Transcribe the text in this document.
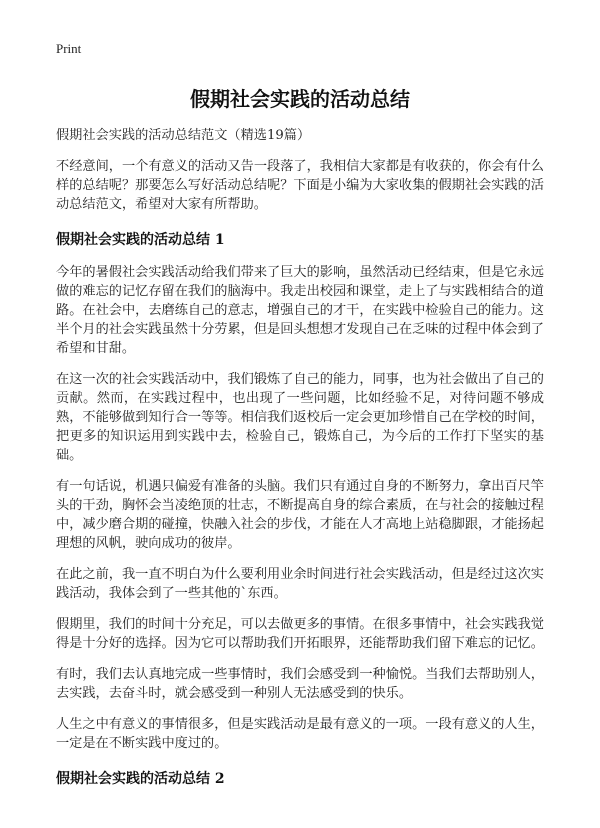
Print
假期社会实践的活动总结
假期社会实践的活动总结范文（精选19篇）
不经意间，一个有意义的活动又告一段落了，我相信大家都是有收获的，你会有什么样的总结呢？那要怎么写好活动总结呢？下面是小编为大家收集的假期社会实践的活动总结范文，希望对大家有所帮助。
假期社会实践的活动总结 1
今年的暑假社会实践活动给我们带来了巨大的影响，虽然活动已经结束，但是它永远做的难忘的记忆存留在我们的脑海中。我走出校园和课堂，走上了与实践相结合的道路。在社会中，去磨练自己的意志，增强自己的才干，在实践中检验自己的能力。这半个月的社会实践虽然十分劳累，但是回头想想才发现自己在乏味的过程中体会到了希望和甘甜。
在这一次的社会实践活动中，我们锻炼了自己的能力，同事，也为社会做出了自己的贡献。然而，在实践过程中，也出现了一些问题，比如经验不足，对待问题不够成熟，不能够做到知行合一等等。相信我们返校后一定会更加珍惜自己在学校的时间，把更多的知识运用到实践中去，检验自己，锻炼自己，为今后的工作打下坚实的基础。
有一句话说，机遇只偏爱有准备的头脑。我们只有通过自身的不断努力，拿出百尺竿头的干劲，胸怀会当凌绝顶的壮志，不断提高自身的综合素质，在与社会的接触过程中，减少磨合期的碰撞，快融入社会的步伐，才能在人才高地上站稳脚跟，才能扬起理想的风帆，驶向成功的彼岸。
在此之前，我一直不明白为什么要利用业余时间进行社会实践活动，但是经过这次实践活动，我体会到了一些其他的`东西。
假期里，我们的时间十分充足，可以去做更多的事情。在很多事情中，社会实践我觉得是十分好的选择。因为它可以帮助我们开拓眼界，还能帮助我们留下难忘的记忆。
有时，我们去认真地完成一些事情时，我们会感受到一种愉悦。当我们去帮助别人，去实践，去奋斗时，就会感受到一种别人无法感受到的快乐。
人生之中有意义的事情很多，但是实践活动是最有意义的一项。一段有意义的人生，一定是在不断实践中度过的。
假期社会实践的活动总结 2
